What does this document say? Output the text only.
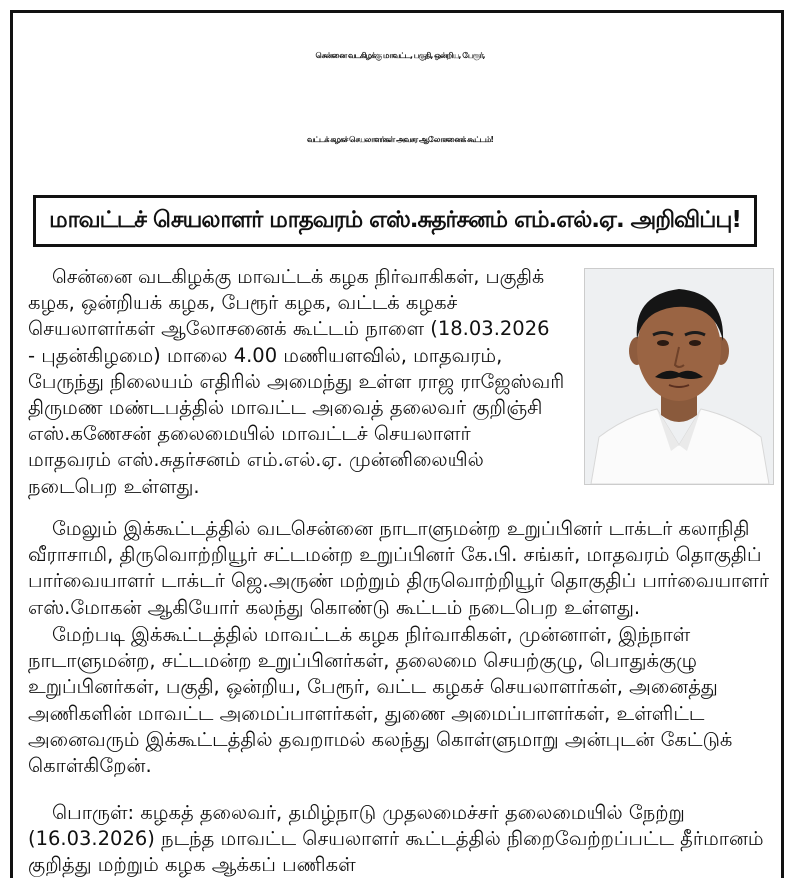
சென்னை வடகிழக்கு மாவட்ட, பகுதி, ஒன்றிய, பேரூர்,
வட்டக் கழகச் செயலாளர்கள் அவசர ஆலோசனைக் கூட்டம்!
மாவட்டச் செயலாளர் மாதவரம் எஸ்.சுதர்சனம் எம்.எல்.ஏ. அறிவிப்பு!
சென்னை வடகிழக்கு மாவட்டக் கழக நிர்வாகிகள், பகுதிக்
கழக, ஒன்றியக் கழக, பேரூர் கழக, வட்டக் கழகச்
செயலாளர்கள் ஆலோசனைக் கூட்டம் நாளை (18.03.2026
- புதன்கிழமை) மாலை 4.00 மணியளவில், மாதவரம்,
பேருந்து நிலையம் எதிரில் அமைந்து உள்ள ராஜ ராஜேஸ்வரி
திருமண மண்டபத்தில் மாவட்ட அவைத் தலைவர் குறிஞ்சி
எஸ்.கணேசன் தலைமையில் மாவட்டச் செயலாளர்
மாதவரம் எஸ்.சுதர்சனம் எம்.எல்.ஏ. முன்னிலையில்
நடைபெற உள்ளது.
மேலும் இக்கூட்டத்தில் வடசென்னை நாடாளுமன்ற உறுப்பினர் டாக்டர் கலாநிதி
வீராசாமி, திருவொற்றியூர் சட்டமன்ற உறுப்பினர் கே.பி. சங்கர், மாதவரம் தொகுதிப்
பார்வையாளர் டாக்டர் ஜெ.அருண் மற்றும் திருவொற்றியூர் தொகுதிப் பார்வையாளர்
எஸ்.மோகன் ஆகியோர் கலந்து கொண்டு கூட்டம் நடைபெற உள்ளது.
மேற்படி இக்கூட்டத்தில் மாவட்டக் கழக நிர்வாகிகள், முன்னாள், இந்நாள்
நாடாளுமன்ற, சட்டமன்ற உறுப்பினர்கள், தலைமை செயற்குழு, பொதுக்குழு
உறுப்பினர்கள், பகுதி, ஒன்றிய, பேரூர், வட்ட கழகச் செயலாளர்கள், அனைத்து
அணிகளின் மாவட்ட அமைப்பாளர்கள், துணை அமைப்பாளர்கள், உள்ளிட்ட
அனைவரும் இக்கூட்டத்தில் தவறாமல் கலந்து கொள்ளுமாறு அன்புடன் கேட்டுக்
கொள்கிறேன்.
பொருள்: கழகத் தலைவர், தமிழ்நாடு முதலமைச்சர் தலைமையில் நேற்று
(16.03.2026) நடந்த மாவட்ட செயலாளர் கூட்டத்தில் நிறைவேற்றப்பட்ட தீர்மானம்
குறித்து மற்றும் கழக ஆக்கப் பணிகள்
